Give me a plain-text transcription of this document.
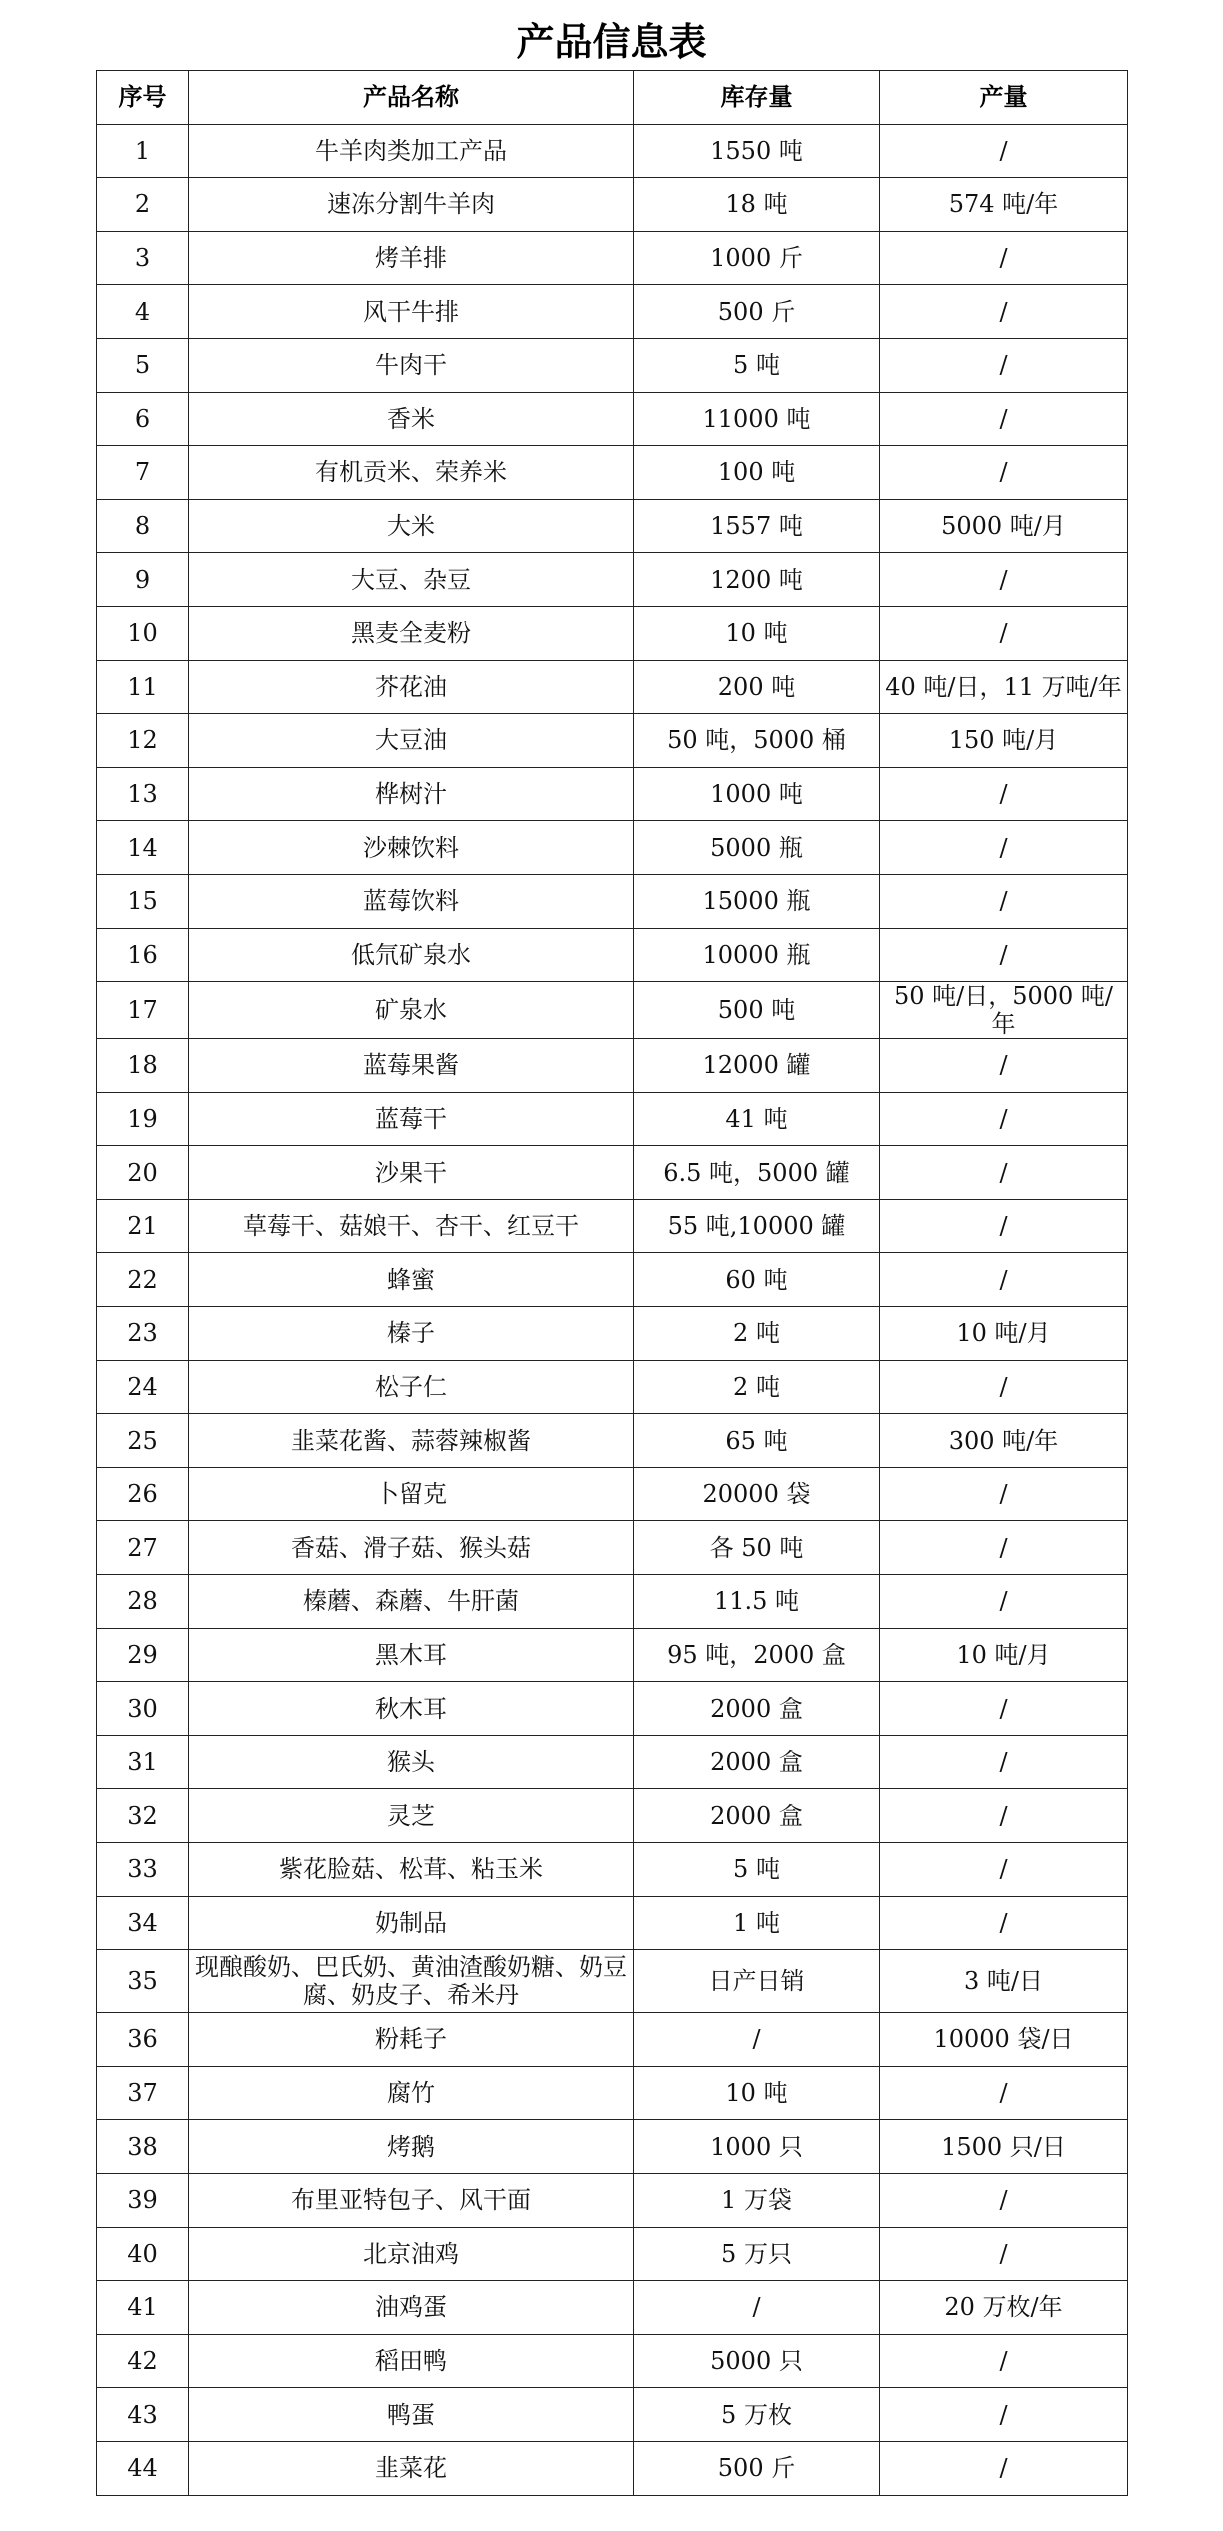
产品信息表
序号	产品名称	库存量	产量
1	牛羊肉类加工产品	1550 吨	/
2	速冻分割牛羊肉	18 吨	574 吨/年
3	烤羊排	1000 斤	/
4	风干牛排	500 斤	/
5	牛肉干	5 吨	/
6	香米	11000 吨	/
7	有机贡米、荣养米	100 吨	/
8	大米	1557 吨	5000 吨/月
9	大豆、杂豆	1200 吨	/
10	黑麦全麦粉	10 吨	/
11	芥花油	200 吨	40 吨/日，11 万吨/年
12	大豆油	50 吨，5000 桶	150 吨/月
13	桦树汁	1000 吨	/
14	沙棘饮料	5000 瓶	/
15	蓝莓饮料	15000 瓶	/
16	低氘矿泉水	10000 瓶	/
17	矿泉水	500 吨	50 吨/日，5000 吨/年
18	蓝莓果酱	12000 罐	/
19	蓝莓干	41 吨	/
20	沙果干	6.5 吨，5000 罐	/
21	草莓干、菇娘干、杏干、红豆干	55 吨,10000 罐	/
22	蜂蜜	60 吨	/
23	榛子	2 吨	10 吨/月
24	松子仁	2 吨	/
25	韭菜花酱、蒜蓉辣椒酱	65 吨	300 吨/年
26	卜留克	20000 袋	/
27	香菇、滑子菇、猴头菇	各 50 吨	/
28	榛蘑、森蘑、牛肝菌	11.5 吨	/
29	黑木耳	95 吨，2000 盒	10 吨/月
30	秋木耳	2000 盒	/
31	猴头	2000 盒	/
32	灵芝	2000 盒	/
33	紫花脸菇、松茸、粘玉米	5 吨	/
34	奶制品	1 吨	/
35	现酿酸奶、巴氏奶、黄油渣酸奶糖、奶豆腐、奶皮子、希米丹	日产日销	3 吨/日
36	粉耗子	/	10000 袋/日
37	腐竹	10 吨	/
38	烤鹅	1000 只	1500 只/日
39	布里亚特包子、风干面	1 万袋	/
40	北京油鸡	5 万只	/
41	油鸡蛋	/	20 万枚/年
42	稻田鸭	5000 只	/
43	鸭蛋	5 万枚	/
44	韭菜花	500 斤	/
